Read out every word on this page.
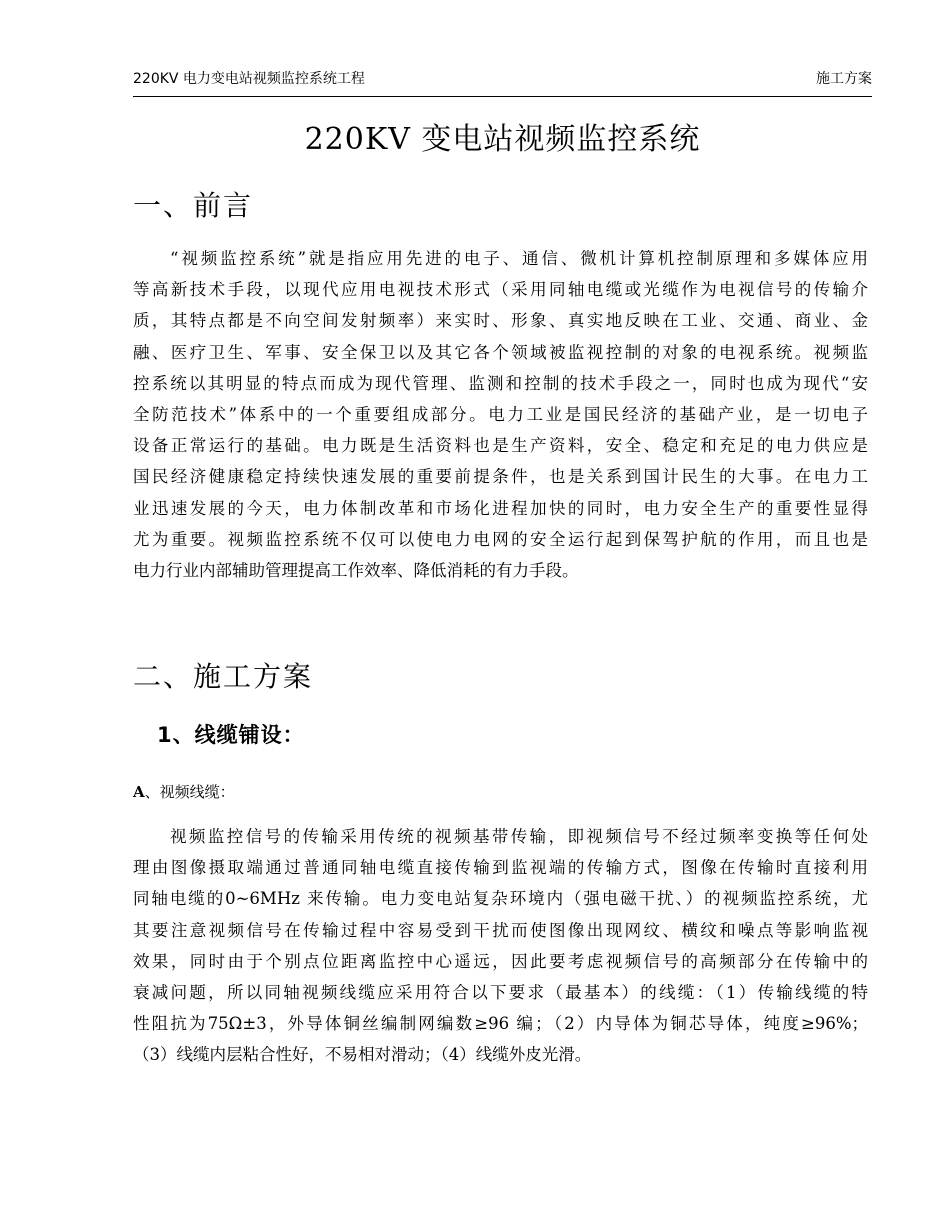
220KV 电力变电站视频监控系统工程	施工方案
220KV 变电站视频监控系统
一、前言
“视频监控系统”就是指应用先进的电子、通信、微机计算机控制原理和多媒体应用
等高新技术手段，以现代应用电视技术形式（采用同轴电缆或光缆作为电视信号的传输介
质，其特点都是不向空间发射频率）来实时、形象、真实地反映在工业、交通、商业、金
融、医疗卫生、军事、安全保卫以及其它各个领域被监视控制的对象的电视系统。视频监
控系统以其明显的特点而成为现代管理、监测和控制的技术手段之一，同时也成为现代“安
全防范技术”体系中的一个重要组成部分。电力工业是国民经济的基础产业，是一切电子
设备正常运行的基础。电力既是生活资料也是生产资料，安全、稳定和充足的电力供应是
国民经济健康稳定持续快速发展的重要前提条件，也是关系到国计民生的大事。在电力工
业迅速发展的今天，电力体制改革和市场化进程加快的同时，电力安全生产的重要性显得
尤为重要。视频监控系统不仅可以使电力电网的安全运行起到保驾护航的作用，而且也是
电力行业内部辅助管理提高工作效率、降低消耗的有力手段。
二、施工方案
1、线缆铺设：
A、视频线缆：
视频监控信号的传输采用传统的视频基带传输，即视频信号不经过频率变换等任何处
理由图像摄取端通过普通同轴电缆直接传输到监视端的传输方式，图像在传输时直接利用
同轴电缆的0~6MHz 来传输。电力变电站复杂环境内（强电磁干扰、）的视频监控系统，尤
其要注意视频信号在传输过程中容易受到干扰而使图像出现网纹、横纹和噪点等影响监视
效果，同时由于个别点位距离监控中心遥远，因此要考虑视频信号的高频部分在传输中的
衰减问题，所以同轴视频线缆应采用符合以下要求（最基本）的线缆：（1）传输线缆的特
性阻抗为75Ω±3，外导体铜丝编制网编数≥96 编；（2）内导体为铜芯导体，纯度≥96%；
（3）线缆内层粘合性好，不易相对滑动；（4）线缆外皮光滑。
